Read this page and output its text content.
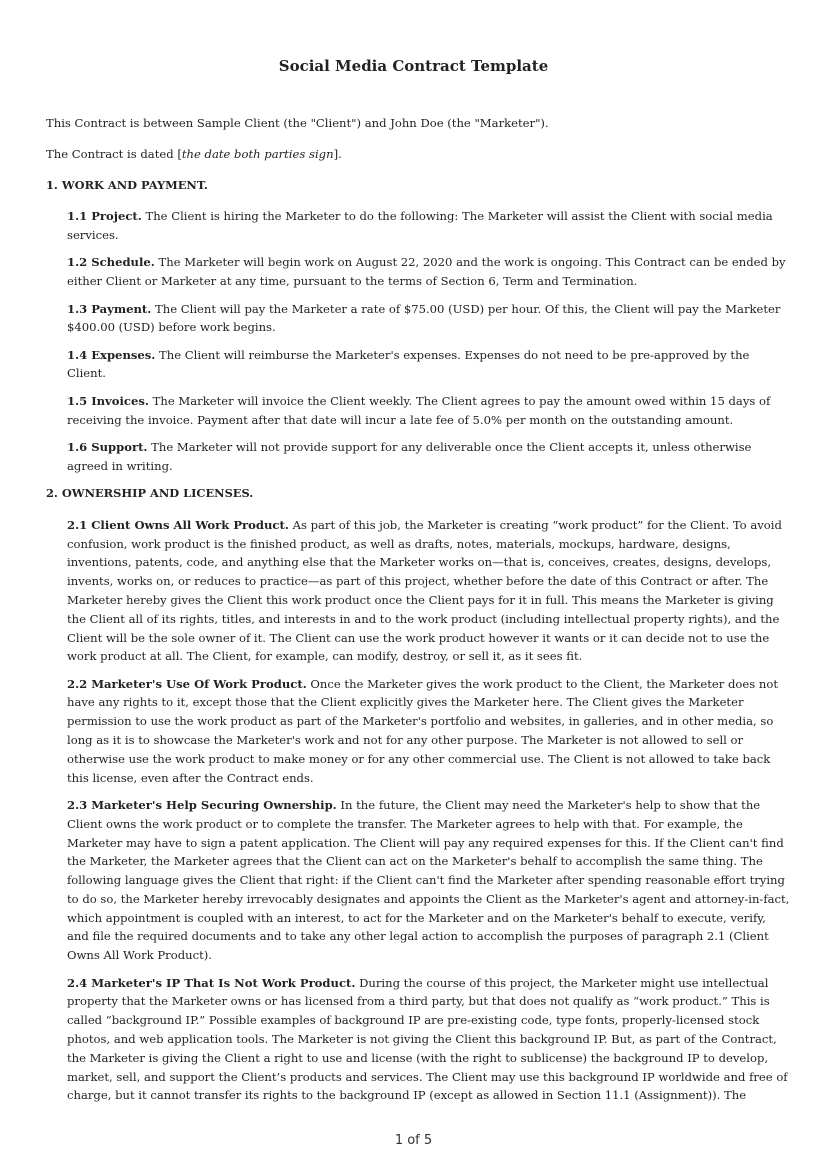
Social Media Contract Template

This Contract is between Sample Client (the "Client") and John Doe (the "Marketer").

The Contract is dated [the date both parties sign].

1. WORK AND PAYMENT.

1.1 Project. The Client is hiring the Marketer to do the following: The Marketer will assist the Client with social media services.

1.2 Schedule. The Marketer will begin work on August 22, 2020 and the work is ongoing. This Contract can be ended by either Client or Marketer at any time, pursuant to the terms of Section 6, Term and Termination.

1.3 Payment. The Client will pay the Marketer a rate of $75.00 (USD) per hour. Of this, the Client will pay the Marketer $400.00 (USD) before work begins.

1.4 Expenses. The Client will reimburse the Marketer's expenses. Expenses do not need to be pre-approved by the Client.

1.5 Invoices. The Marketer will invoice the Client weekly. The Client agrees to pay the amount owed within 15 days of receiving the invoice. Payment after that date will incur a late fee of 5.0% per month on the outstanding amount.

1.6 Support. The Marketer will not provide support for any deliverable once the Client accepts it, unless otherwise agreed in writing.

2. OWNERSHIP AND LICENSES.

2.1 Client Owns All Work Product. As part of this job, the Marketer is creating “work product” for the Client. To avoid confusion, work product is the finished product, as well as drafts, notes, materials, mockups, hardware, designs, inventions, patents, code, and anything else that the Marketer works on—that is, conceives, creates, designs, develops, invents, works on, or reduces to practice—as part of this project, whether before the date of this Contract or after. The Marketer hereby gives the Client this work product once the Client pays for it in full. This means the Marketer is giving the Client all of its rights, titles, and interests in and to the work product (including intellectual property rights), and the Client will be the sole owner of it. The Client can use the work product however it wants or it can decide not to use the work product at all. The Client, for example, can modify, destroy, or sell it, as it sees fit.

2.2 Marketer's Use Of Work Product. Once the Marketer gives the work product to the Client, the Marketer does not have any rights to it, except those that the Client explicitly gives the Marketer here. The Client gives the Marketer permission to use the work product as part of the Marketer's portfolio and websites, in galleries, and in other media, so long as it is to showcase the Marketer's work and not for any other purpose. The Marketer is not allowed to sell or otherwise use the work product to make money or for any other commercial use. The Client is not allowed to take back this license, even after the Contract ends.

2.3 Marketer's Help Securing Ownership. In the future, the Client may need the Marketer's help to show that the Client owns the work product or to complete the transfer. The Marketer agrees to help with that. For example, the Marketer may have to sign a patent application. The Client will pay any required expenses for this. If the Client can't find the Marketer, the Marketer agrees that the Client can act on the Marketer's behalf to accomplish the same thing. The following language gives the Client that right: if the Client can't find the Marketer after spending reasonable effort trying to do so, the Marketer hereby irrevocably designates and appoints the Client as the Marketer's agent and attorney-in-fact, which appointment is coupled with an interest, to act for the Marketer and on the Marketer's behalf to execute, verify, and file the required documents and to take any other legal action to accomplish the purposes of paragraph 2.1 (Client Owns All Work Product).

2.4 Marketer's IP That Is Not Work Product. During the course of this project, the Marketer might use intellectual property that the Marketer owns or has licensed from a third party, but that does not qualify as “work product.” This is called “background IP.” Possible examples of background IP are pre-existing code, type fonts, properly-licensed stock photos, and web application tools. The Marketer is not giving the Client this background IP. But, as part of the Contract, the Marketer is giving the Client a right to use and license (with the right to sublicense) the background IP to develop, market, sell, and support the Client’s products and services. The Client may use this background IP worldwide and free of charge, but it cannot transfer its rights to the background IP (except as allowed in Section 11.1 (Assignment)). The

1 of 5
